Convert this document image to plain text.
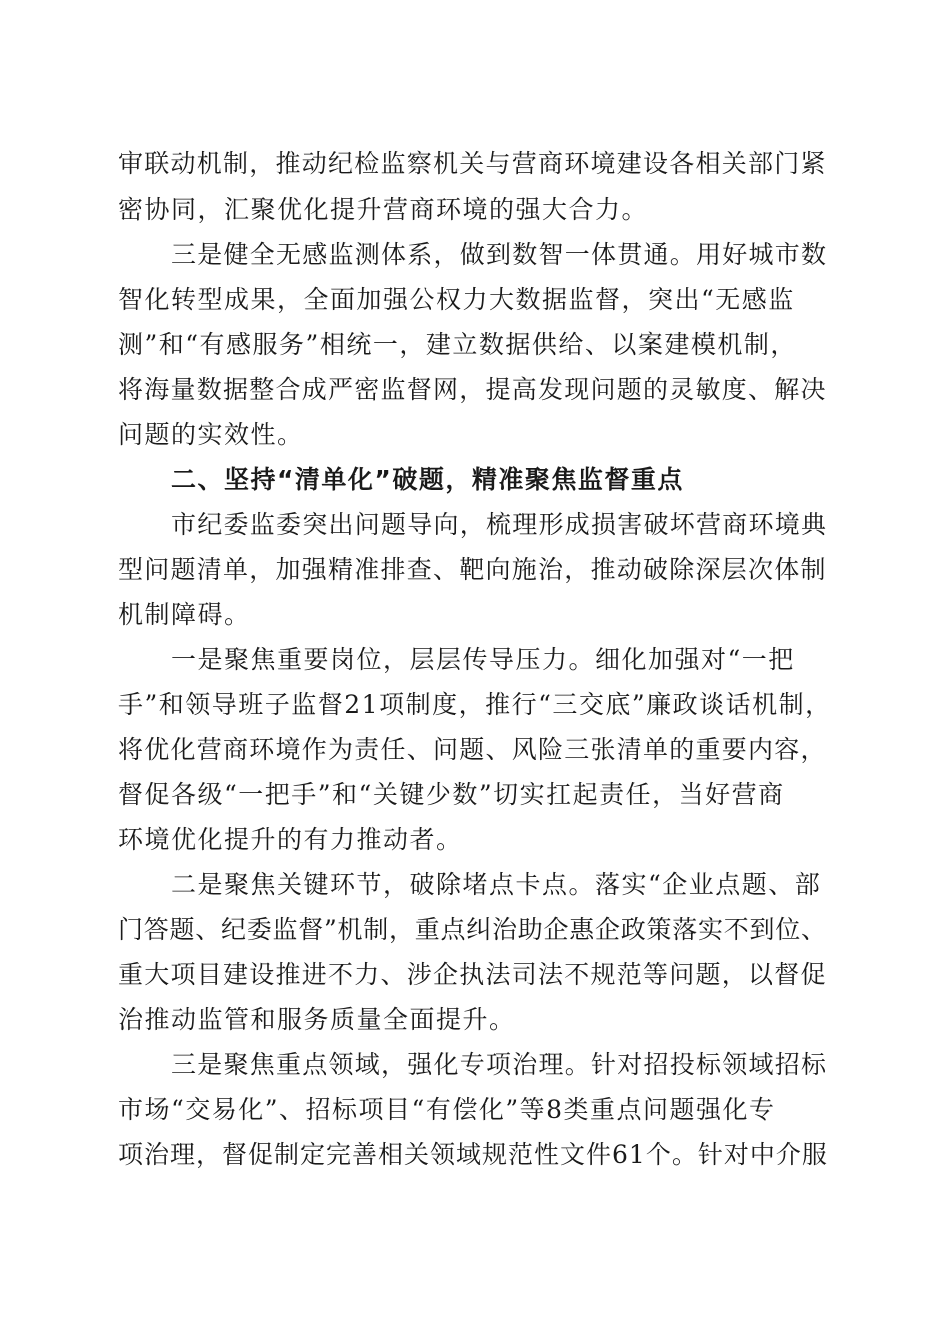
审联动机制，推动纪检监察机关与营商环境建设各相关部门紧
密协同，汇聚优化提升营商环境的强大合力。
三是健全无感监测体系，做到数智一体贯通。用好城市数
智化转型成果，全面加强公权力大数据监督，突出“无感监
测”和“有感服务”相统一，建立数据供给、以案建模机制，
将海量数据整合成严密监督网，提高发现问题的灵敏度、解决
问题的实效性。
二、坚持“清单化”破题，精准聚焦监督重点
市纪委监委突出问题导向，梳理形成损害破坏营商环境典
型问题清单，加强精准排查、靶向施治，推动破除深层次体制
机制障碍。
一是聚焦重要岗位，层层传导压力。细化加强对“一把
手”和领导班子监督21项制度，推行“三交底”廉政谈话机制，
将优化营商环境作为责任、问题、风险三张清单的重要内容，
督促各级“一把手”和“关键少数”切实扛起责任，当好营商
环境优化提升的有力推动者。
二是聚焦关键环节，破除堵点卡点。落实“企业点题、部
门答题、纪委监督”机制，重点纠治助企惠企政策落实不到位、
重大项目建设推进不力、涉企执法司法不规范等问题，以督促
治推动监管和服务质量全面提升。
三是聚焦重点领域，强化专项治理。针对招投标领域招标
市场“交易化”、招标项目“有偿化”等8类重点问题强化专
项治理，督促制定完善相关领域规范性文件61个。针对中介服
